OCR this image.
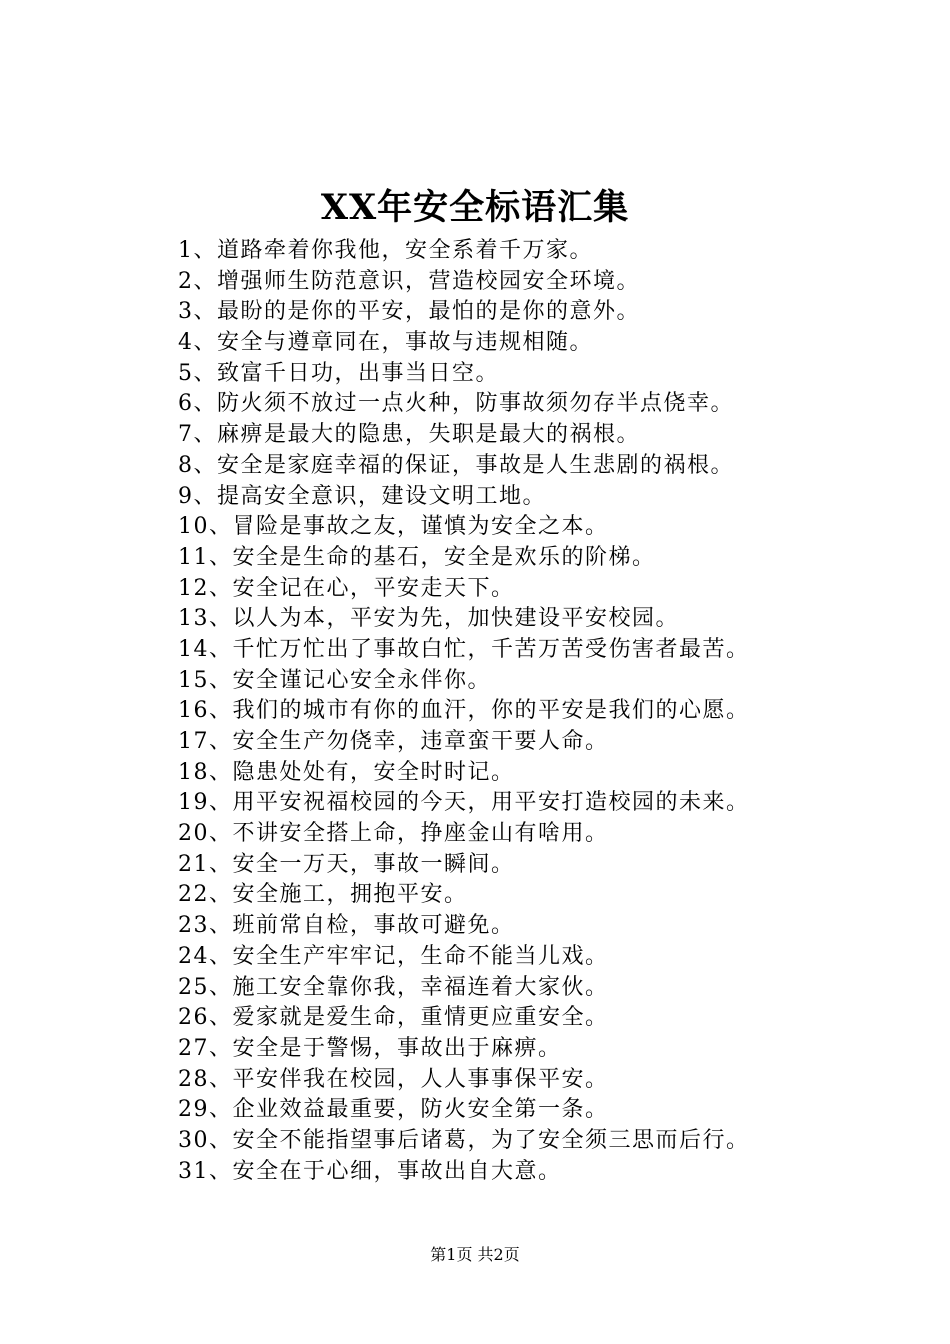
XX年安全标语汇集
1、道路牵着你我他，安全系着千万家。
2、增强师生防范意识，营造校园安全环境。
3、最盼的是你的平安，最怕的是你的意外。
4、安全与遵章同在，事故与违规相随。
5、致富千日功，出事当日空。
6、防火须不放过一点火种，防事故须勿存半点侥幸。
7、麻痹是最大的隐患，失职是最大的祸根。
8、安全是家庭幸福的保证，事故是人生悲剧的祸根。
9、提高安全意识，建设文明工地。
10、冒险是事故之友，谨慎为安全之本。
11、安全是生命的基石，安全是欢乐的阶梯。
12、安全记在心，平安走天下。
13、以人为本，平安为先，加快建设平安校园。
14、千忙万忙出了事故白忙，千苦万苦受伤害者最苦。
15、安全谨记心安全永伴你。
16、我们的城市有你的血汗，你的平安是我们的心愿。
17、安全生产勿侥幸，违章蛮干要人命。
18、隐患处处有，安全时时记。
19、用平安祝福校园的今天，用平安打造校园的未来。
20、不讲安全搭上命，挣座金山有啥用。
21、安全一万天，事故一瞬间。
22、安全施工，拥抱平安。
23、班前常自检，事故可避免。
24、安全生产牢牢记，生命不能当儿戏。
25、施工安全靠你我，幸福连着大家伙。
26、爱家就是爱生命，重情更应重安全。
27、安全是于警惕，事故出于麻痹。
28、平安伴我在校园，人人事事保平安。
29、企业效益最重要，防火安全第一条。
30、安全不能指望事后诸葛，为了安全须三思而后行。
31、安全在于心细，事故出自大意。
第1页 共2页
